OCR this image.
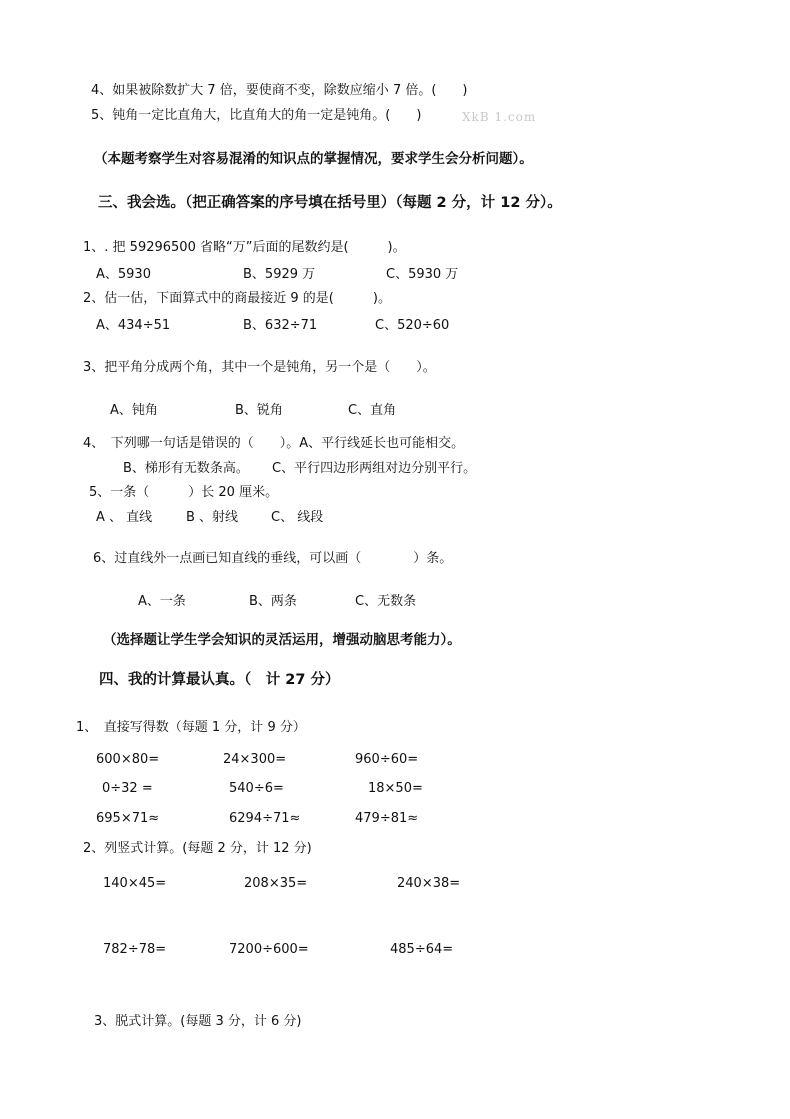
4、如果被除数扩大 7 倍，要使商不变，除数应缩小 7 倍。(　　)
5、钝角一定比直角大，比直角大的角一定是钝角。(　　)	XkB 1.com
（本题考察学生对容易混淆的知识点的掌握情况，要求学生会分析问题）。
三、我会选。（把正确答案的序号填在括号里）（每题 2 分，计 12 分）。
1、. 把 59296500 省略“万”后面的尾数约是(　　　)。
A、5930	B、5929 万	C、5930 万
2、估一估，下面算式中的商最接近 9 的是(　　　)。
A、434÷51	B、632÷71	C、520÷60
3、把平角分成两个角，其中一个是钝角，另一个是（　　）。
A、钝角	B、锐角	C、直角
4、　下列哪一句话是错误的（　　）。A、平行线延长也可能相交。
B、梯形有无数条高。 C、平行四边形两组对边分别平行。
5、一条（　　　）长 20 厘米。
A 、 直线	B 、射线	C、 线段
6、过直线外一点画已知直线的垂线，可以画（　　　　）条。
A、一条	B、两条	C、无数条
（选择题让学生学会知识的灵活运用，增强动脑思考能力）。
四、我的计算最认真。（　计 27 分）
1、　直接写得数（每题 1 分，计 9 分）
600×80=	24×300=	960÷60=
0÷32 =	540÷6=	18×50=
695×71≈	6294÷71≈	479÷81≈
2、列竖式计算。(每题 2 分，计 12 分)
140×45=	208×35=	240×38=
782÷78=	7200÷600=	485÷64=
3、脱式计算。(每题 3 分，计 6 分)
